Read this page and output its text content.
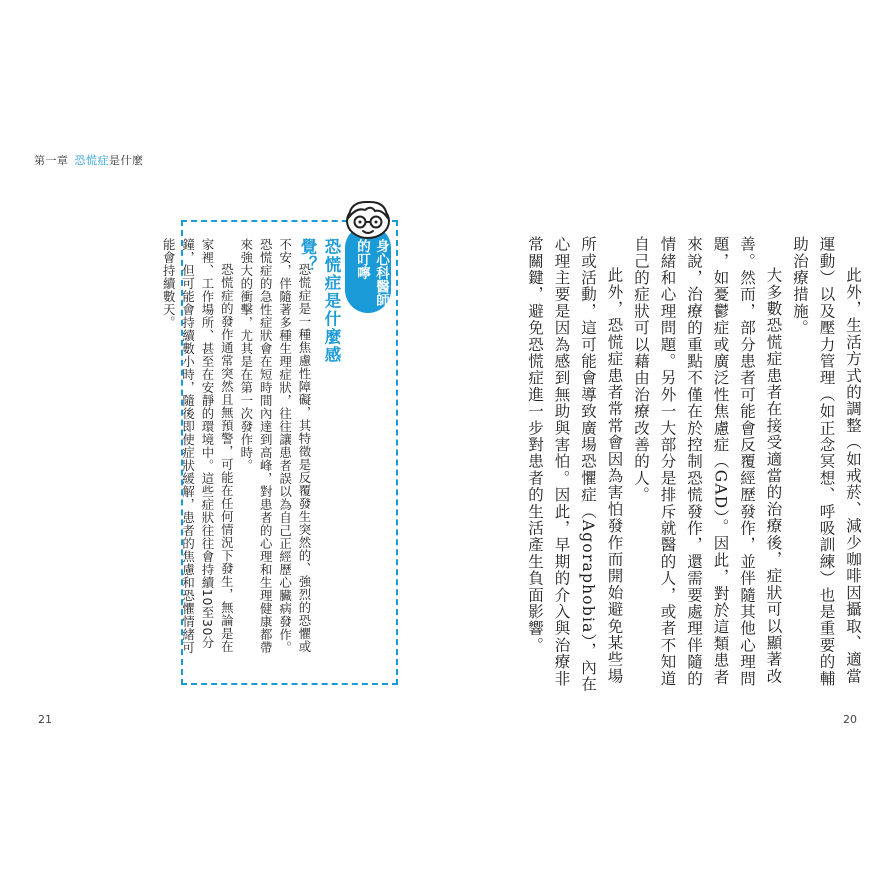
第一章 恐慌症是什麼
身心科醫師的叮嚀
恐慌症是什麼感覺？

恐慌症是一種焦慮性障礙，其特徵是反覆發生突然的、強烈的恐懼或不安，伴隨著多種生理症狀，往往讓患者誤以為自己正經歷心臟病發作。恐慌症的急性症狀會在短時間內達到高峰，對患者的心理和生理健康都帶來強大的衝擊，尤其是在第一次發作時。

恐慌症的發作通常突然且無預警，可能在任何情況下發生，無論是在家裡、工作場所、甚至在安靜的環境中。這些症狀往往會持續10至30分鐘，但可能會持續數小時，隨後即使症狀緩解，患者的焦慮和恐懼情緒可能會持續數天。	此外，生活方式的調整（如戒菸、減少咖啡因攝取、適當運動）以及壓力管理（如正念冥想、呼吸訓練）也是重要的輔助治療措施。

大多數恐慌症患者在接受適當的治療後，症狀可以顯著改善。然而，部分患者可能會反覆經歷發作，並伴隨其他心理問題，如憂鬱症或廣泛性焦慮症（GAD）。因此，對於這類患者來說，治療的重點不僅在於控制恐慌發作，還需要處理伴隨的情緒和心理問題。另外一大部分是排斥就醫的人，或者不知道自己的症狀可以藉由治療改善的人。

此外，恐慌症患者常常會因為害怕發作而開始避免某些場所或活動，這可能會導致廣場恐懼症（Agoraphobia），內在心理主要是因為感到無助與害怕。因此，早期的介入與治療非常關鍵，避免恐慌症進一步對患者的生活產生負面影響。

21	20
